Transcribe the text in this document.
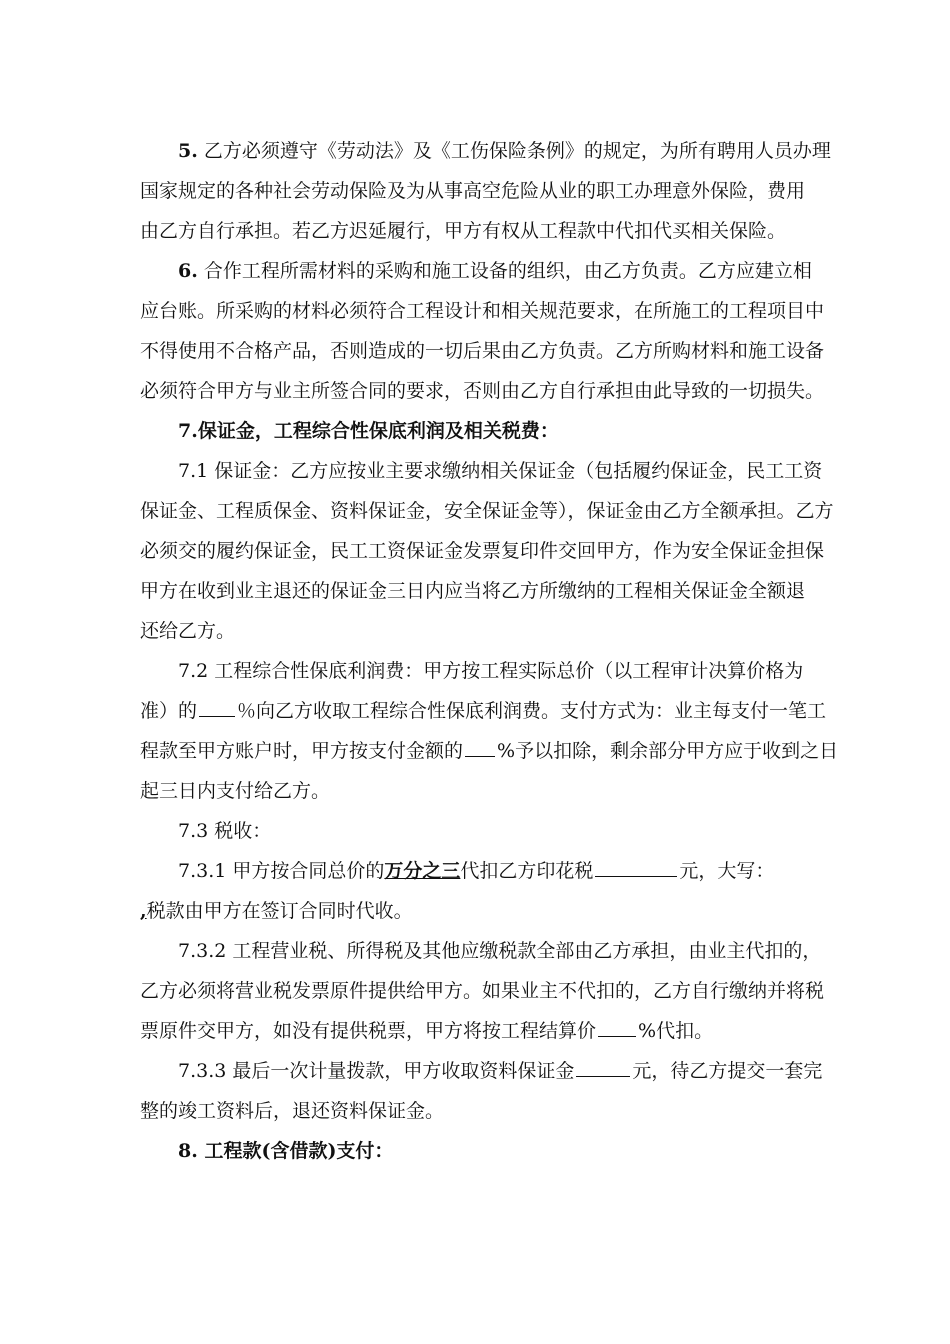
5. 乙方必须遵守《劳动法》及《工伤保险条例》的规定，为所有聘用人员办理
国家规定的各种社会劳动保险及为从事高空危险从业的职工办理意外保险，费用
由乙方自行承担。若乙方迟延履行，甲方有权从工程款中代扣代买相关保险。
6. 合作工程所需材料的采购和施工设备的组织，由乙方负责。乙方应建立相
应台账。所采购的材料必须符合工程设计和相关规范要求，在所施工的工程项目中
不得使用不合格产品，否则造成的一切后果由乙方负责。乙方所购材料和施工设备
必须符合甲方与业主所签合同的要求，否则由乙方自行承担由此导致的一切损失。
7.保证金，工程综合性保底利润及相关税费：
7.1 保证金：乙方应按业主要求缴纳相关保证金（包括履约保证金，民工工资
保证金、工程质保金、资料保证金，安全保证金等），保证金由乙方全额承担。乙方
必须交的履约保证金，民工工资保证金发票复印件交回甲方，作为安全保证金担保
甲方在收到业主退还的保证金三日内应当将乙方所缴纳的工程相关保证金全额退
还给乙方。
7.2 工程综合性保底利润费：甲方按工程实际总价（以工程审计决算价格为
准）的 ％向乙方收取工程综合性保底利润费。支付方式为：业主每支付一笔工
程款至甲方账户时，甲方按支付金额的 %予以扣除，剩余部分甲方应于收到之日
起三日内支付给乙方。
7.3 税收：
7.3.1 甲方按合同总价的万分之三代扣乙方印花税	元，大写：
,税款由甲方在签订合同时代收。
7.3.2 工程营业税、所得税及其他应缴税款全部由乙方承担，由业主代扣的，
乙方必须将营业税发票原件提供给甲方。如果业主不代扣的，乙方自行缴纳并将税
票原件交甲方，如没有提供税票，甲方将按工程结算价 %代扣。
7.3.3 最后一次计量拨款，甲方收取资料保证金	元，待乙方提交一套完
整的竣工资料后，退还资料保证金。
8. 工程款(含借款)支付：
